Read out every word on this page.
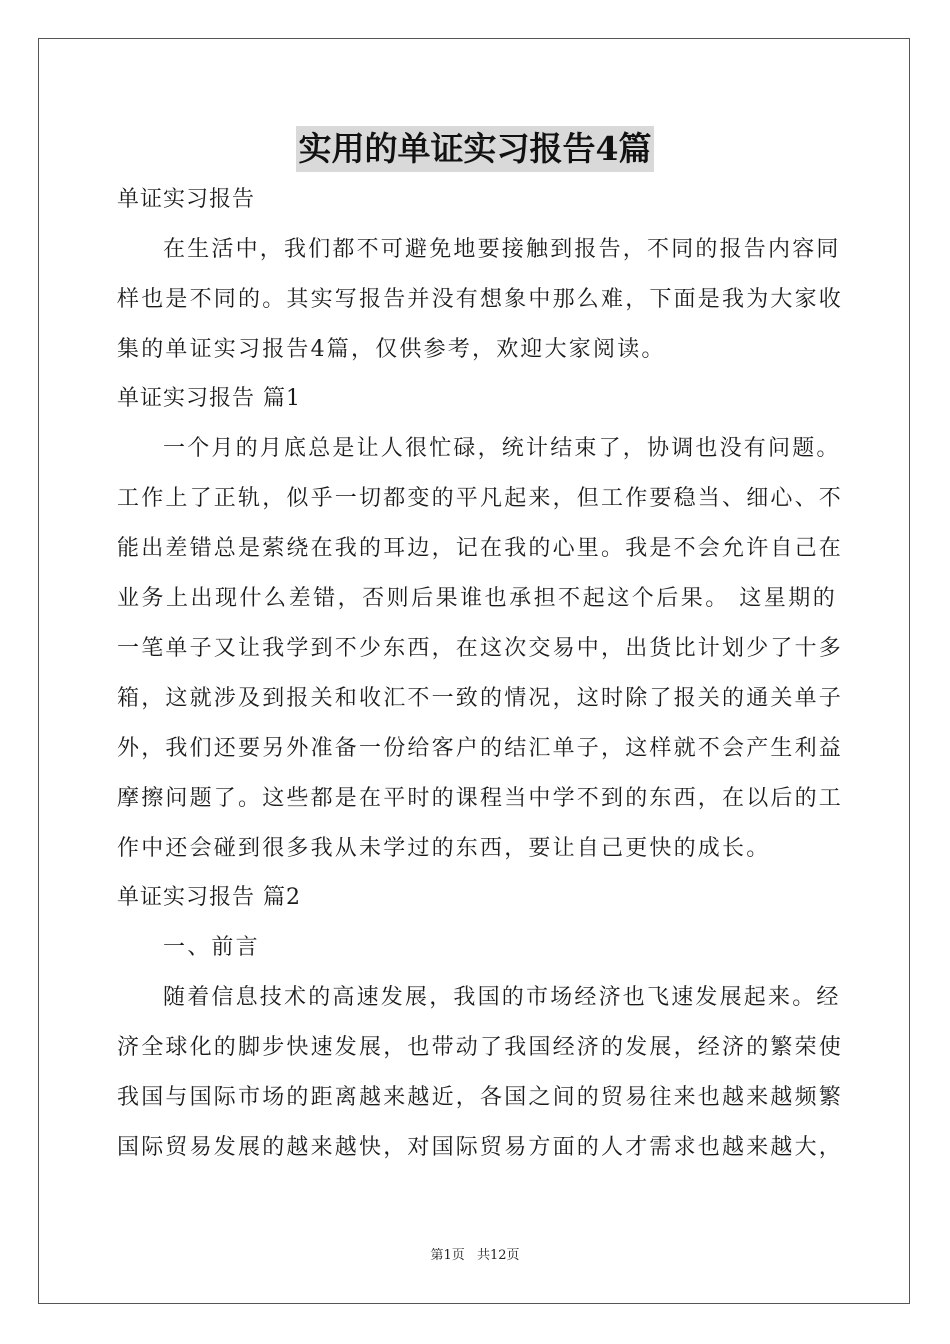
实用的单证实习报告4篇
单证实习报告
在生活中，我们都不可避免地要接触到报告，不同的报告内容同
样也是不同的。其实写报告并没有想象中那么难，下面是我为大家收
集的单证实习报告4篇，仅供参考，欢迎大家阅读。
单证实习报告 篇1
一个月的月底总是让人很忙碌，统计结束了，协调也没有问题。
工作上了正轨，似乎一切都变的平凡起来，但工作要稳当、细心、不
能出差错总是萦绕在我的耳边，记在我的心里。我是不会允许自己在
业务上出现什么差错，否则后果谁也承担不起这个后果。 这星期的
一笔单子又让我学到不少东西，在这次交易中，出货比计划少了十多
箱，这就涉及到报关和收汇不一致的情况，这时除了报关的通关单子
外，我们还要另外准备一份给客户的结汇单子，这样就不会产生利益
摩擦问题了。这些都是在平时的课程当中学不到的东西，在以后的工
作中还会碰到很多我从未学过的东西，要让自己更快的成长。
单证实习报告 篇2
一、前言
随着信息技术的高速发展，我国的市场经济也飞速发展起来。经
济全球化的脚步快速发展，也带动了我国经济的发展，经济的繁荣使
我国与国际市场的距离越来越近，各国之间的贸易往来也越来越频繁
国际贸易发展的越来越快，对国际贸易方面的人才需求也越来越大，
第1页 共12页
